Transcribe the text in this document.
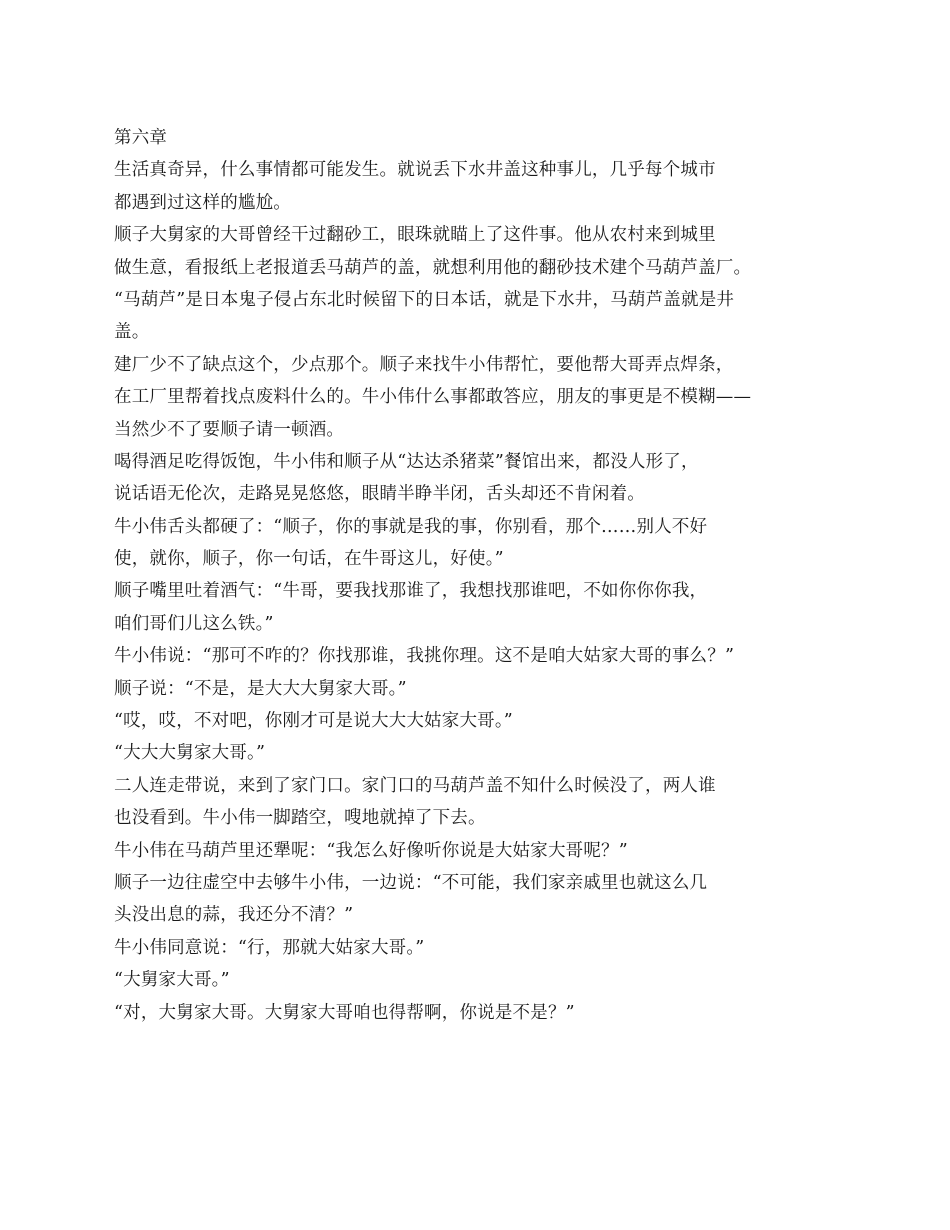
第六章
生活真奇异，什么事情都可能发生。就说丢下水井盖这种事儿，几乎每个城市
都遇到过这样的尴尬。
顺子大舅家的大哥曾经干过翻砂工，眼珠就瞄上了这件事。他从农村来到城里
做生意，看报纸上老报道丢马葫芦的盖，就想利用他的翻砂技术建个马葫芦盖厂。
“马葫芦”是日本鬼子侵占东北时候留下的日本话，就是下水井，马葫芦盖就是井
盖。
建厂少不了缺点这个，少点那个。顺子来找牛小伟帮忙，要他帮大哥弄点焊条，
在工厂里帮着找点废料什么的。牛小伟什么事都敢答应，朋友的事更是不模糊——
当然少不了要顺子请一顿酒。
喝得酒足吃得饭饱，牛小伟和顺子从“达达杀猪菜”餐馆出来，都没人形了，
说话语无伦次，走路晃晃悠悠，眼睛半睁半闭，舌头却还不肯闲着。
牛小伟舌头都硬了：“顺子，你的事就是我的事，你别看，那个……别人不好
使，就你，顺子，你一句话，在牛哥这儿，好使。”
顺子嘴里吐着酒气：“牛哥，要我找那谁了，我想找那谁吧，不如你你你我，
咱们哥们儿这么铁。”
牛小伟说：“那可不咋的？你找那谁，我挑你理。这不是咱大姑家大哥的事么？”
顺子说：“不是，是大大大舅家大哥。”
“哎，哎，不对吧，你刚才可是说大大大姑家大哥。”
“大大大舅家大哥。”
二人连走带说，来到了家门口。家门口的马葫芦盖不知什么时候没了，两人谁
也没看到。牛小伟一脚踏空，嗖地就掉了下去。
牛小伟在马葫芦里还犟呢：“我怎么好像听你说是大姑家大哥呢？”
顺子一边往虚空中去够牛小伟，一边说：“不可能，我们家亲戚里也就这么几
头没出息的蒜，我还分不清？”
牛小伟同意说：“行，那就大姑家大哥。”
“大舅家大哥。”
“对，大舅家大哥。大舅家大哥咱也得帮啊，你说是不是？”
